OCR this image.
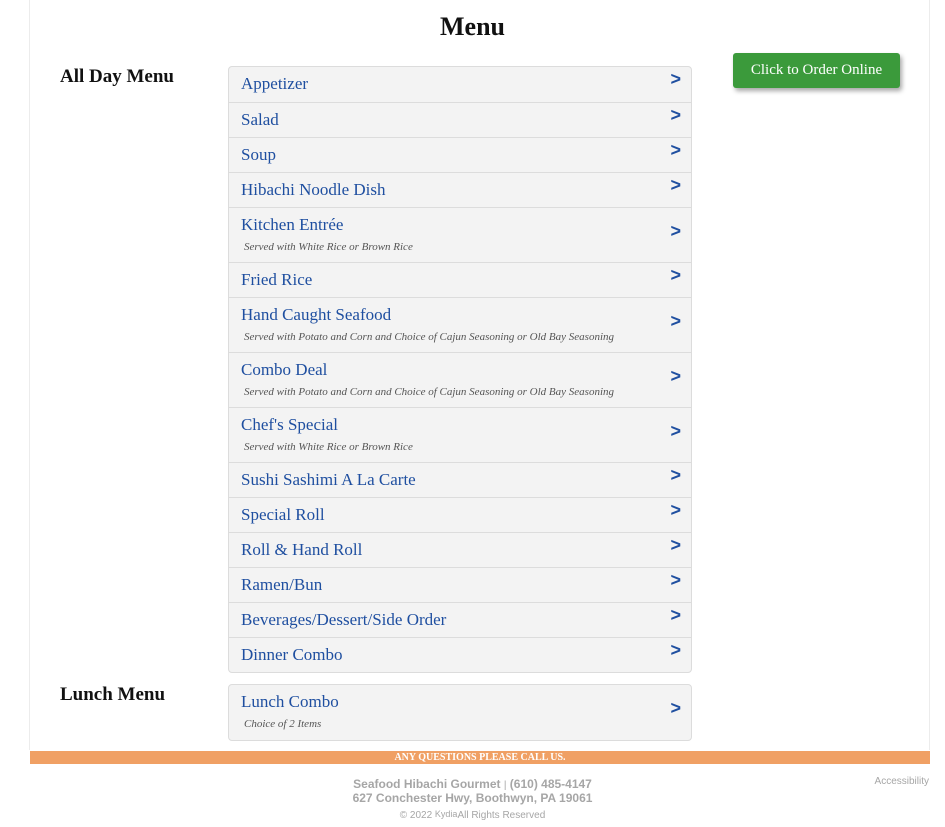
Menu
All Day Menu	Appetizer	>
Salad	>
Soup	>
Hibachi Noodle Dish	>
Kitchen Entrée
Served with White Rice or Brown Rice
>
Fried Rice	>
Hand Caught Seafood
Served with Potato and Corn and Choice of Cajun Seasoning or Old Bay Seasoning
>
Combo Deal
Served with Potato and Corn and Choice of Cajun Seasoning or Old Bay Seasoning
>
Chef's Special
Served with White Rice or Brown Rice
>
Sushi Sashimi A La Carte	>
Special Roll	>
Roll & Hand Roll	>
Ramen/Bun	>
Beverages/Dessert/Side Order	>
Dinner Combo	>
Lunch Menu	Lunch Combo
Choice of 2 Items
>
Click to Order Online
ANY QUESTIONS PLEASE CALL US.
Seafood Hibachi Gourmet | (610) 485-4147
627 Conchester Hwy, Boothwyn, PA 19061
© 2022 KydiaAll Rights Reserved
Accessibility
